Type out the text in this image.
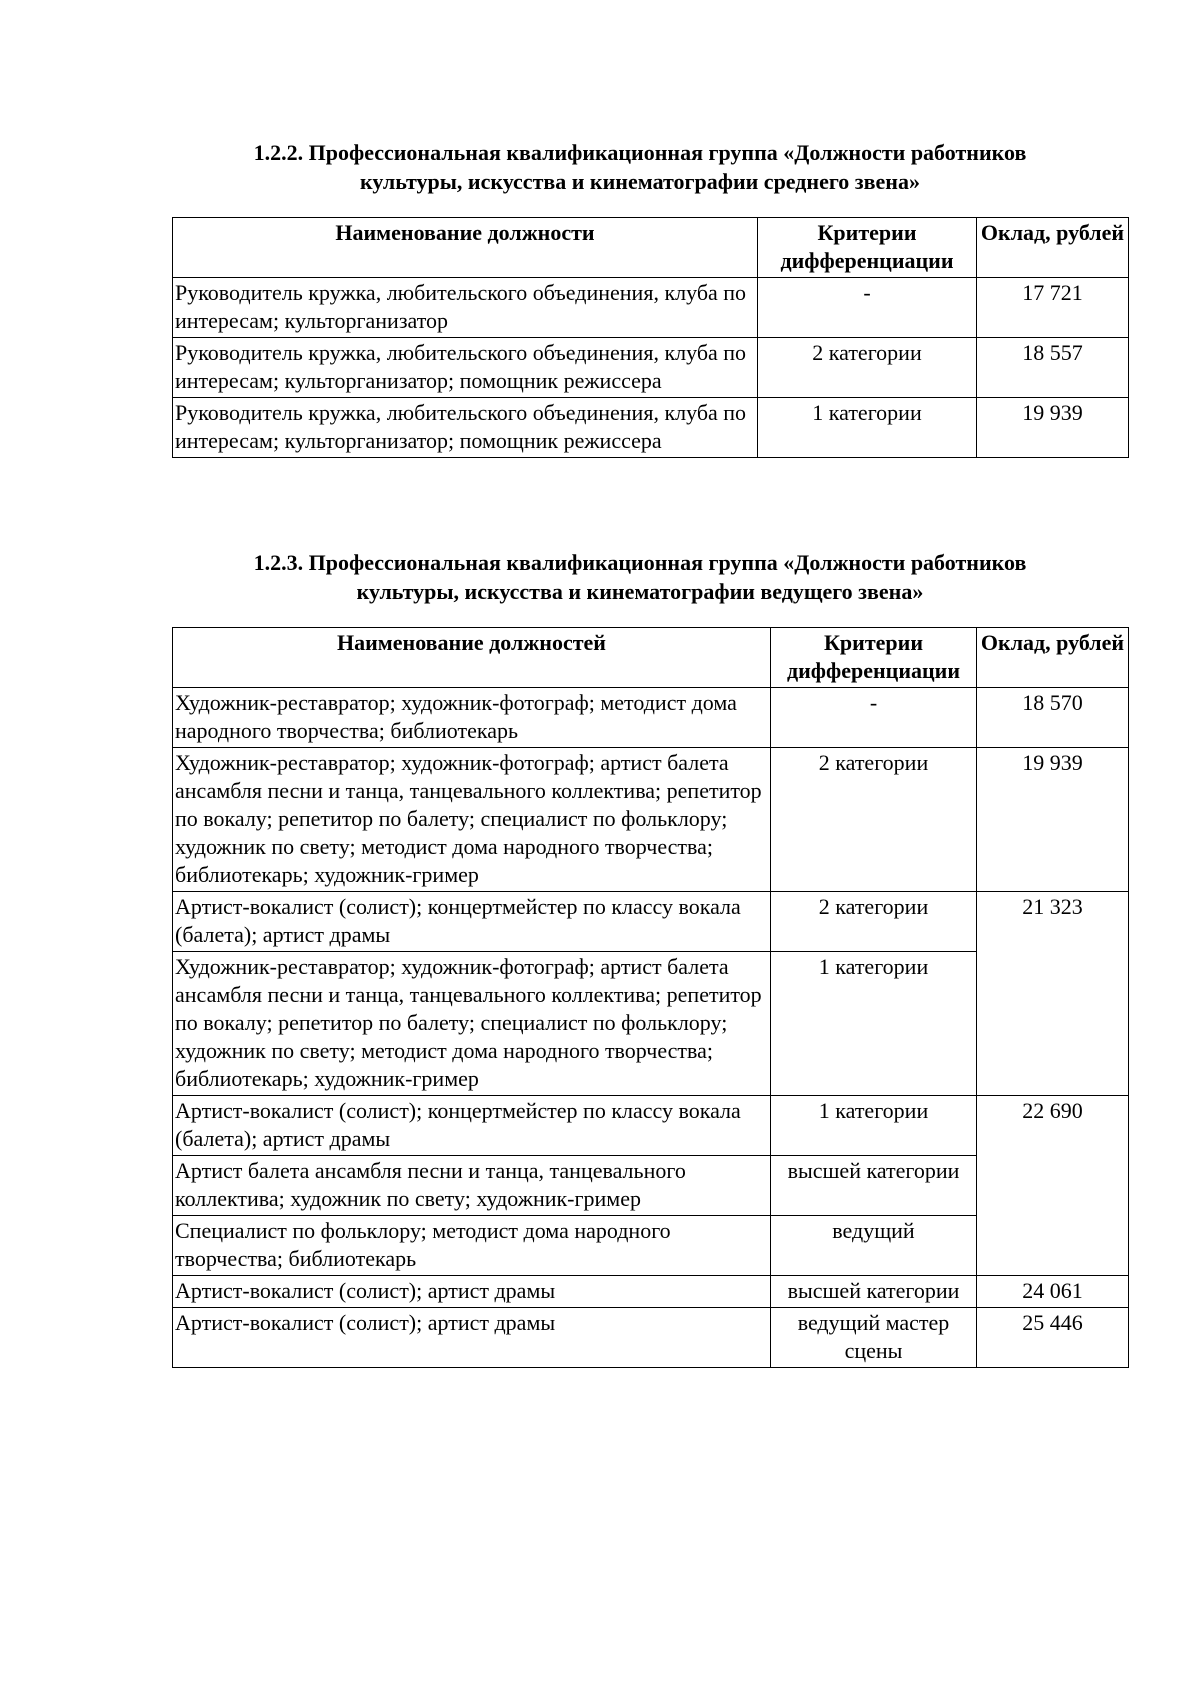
1.2.2. Профессиональная квалификационная группа «Должности работников
культуры, искусства и кинематографии среднего звена»
Наименование должности	Критерии дифференциации	Оклад, рублей
Руководитель кружка, любительского объединения, клуба по интересам; культорганизатор	-	17 721
Руководитель кружка, любительского объединения, клуба по интересам; культорганизатор; помощник режиссера	2 категории	18 557
Руководитель кружка, любительского объединения, клуба по интересам; культорганизатор; помощник режиссера	1 категории	19 939
1.2.3. Профессиональная квалификационная группа «Должности работников
культуры, искусства и кинематографии ведущего звена»
Наименование должностей	Критерии дифференциации	Оклад, рублей
Художник-реставратор; художник-фотограф; методист дома народного творчества; библиотекарь	-	18 570
Художник-реставратор; художник-фотограф; артист балета ансамбля песни и танца, танцевального коллектива; репетитор по вокалу; репетитор по балету; специалист по фольклору; художник по свету; методист дома народного творчества; библиотекарь; художник-гример	2 категории	19 939
Артист-вокалист (солист); концертмейстер по классу вокала (балета); артист драмы	2 категории	21 323
Художник-реставратор; художник-фотограф; артист балета ансамбля песни и танца, танцевального коллектива; репетитор по вокалу; репетитор по балету; специалист по фольклору; художник по свету; методист дома народного творчества; библиотекарь; художник-гример	1 категории	
Артист-вокалист (солист); концертмейстер по классу вокала (балета); артист драмы	1 категории	22 690
Артист балета ансамбля песни и танца, танцевального коллектива; художник по свету; художник-гример	высшей категории	
Специалист по фольклору; методист дома народного творчества; библиотекарь	ведущий	
Артист-вокалист (солист); артист драмы	высшей категории	24 061
Артист-вокалист (солист); артист драмы	ведущий мастер сцены	25 446
